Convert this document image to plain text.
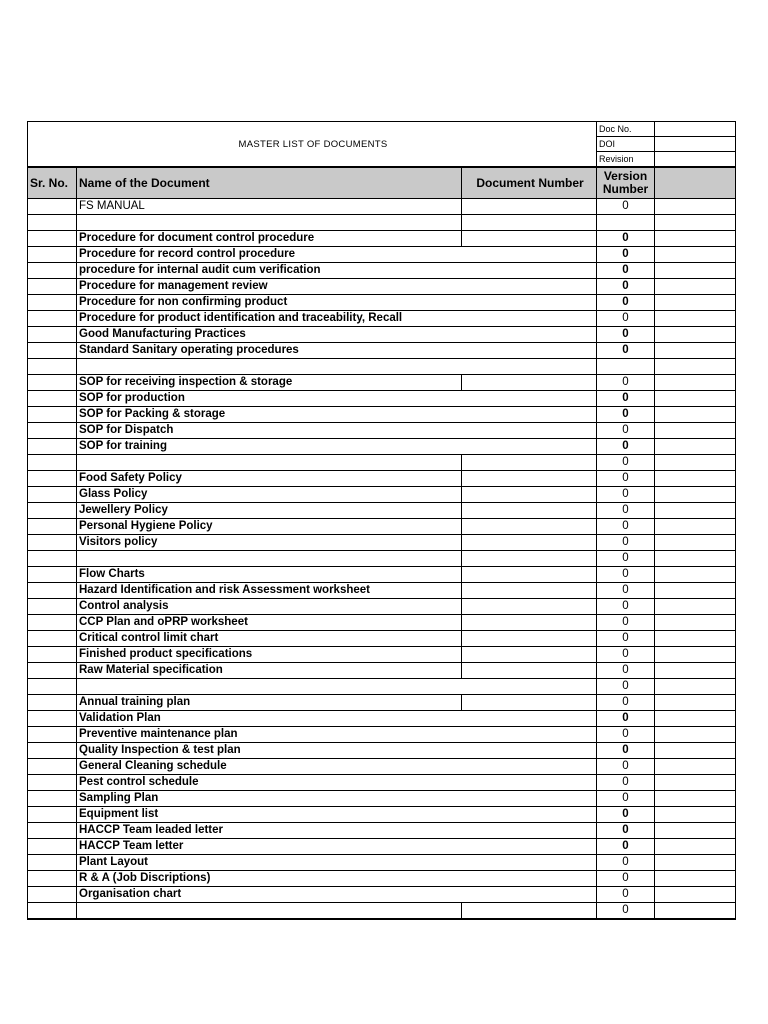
MASTER LIST OF DOCUMENTS			Doc No.	
			DOI	
			Revision	
Sr. No.	Name of the Document	Document Number	Version Number	
	FS MANUAL		0	

	Procedure for document control procedure		0	
	Procedure for record control procedure		0	
	procedure for internal audit cum verification		0	
	Procedure for management review		0	
	Procedure for non confirming product		0	
	Procedure for product identification and traceability, Recall		0	
	Good Manufacturing Practices		0	
	Standard Sanitary operating procedures		0	

	SOP for receiving inspection & storage		0	
	SOP for production		0	
	SOP for Packing & storage		0	
	SOP for Dispatch		0	
	SOP for training		0	
			0	
	Food Safety Policy		0	
	Glass Policy		0	
	Jewellery Policy		0	
	Personal Hygiene Policy		0	
	Visitors policy		0	
			0	
	Flow Charts		0	
	Hazard Identification and risk Assessment worksheet		0	
	Control analysis		0	
	CCP Plan and oPRP worksheet		0	
	Critical control limit chart		0	
	Finished product specifications		0	
	Raw Material specification		0	
			0	
	Annual training plan		0	
	Validation Plan		0	
	Preventive maintenance plan		0	
	Quality Inspection & test plan		0	
	General Cleaning schedule		0	
	Pest control schedule		0	
	Sampling Plan		0	
	Equipment list		0	
	HACCP Team leaded letter		0	
	HACCP Team letter		0	
	Plant Layout		0	
	R & A (Job Discriptions)		0	
	Organisation chart		0	
			0	
